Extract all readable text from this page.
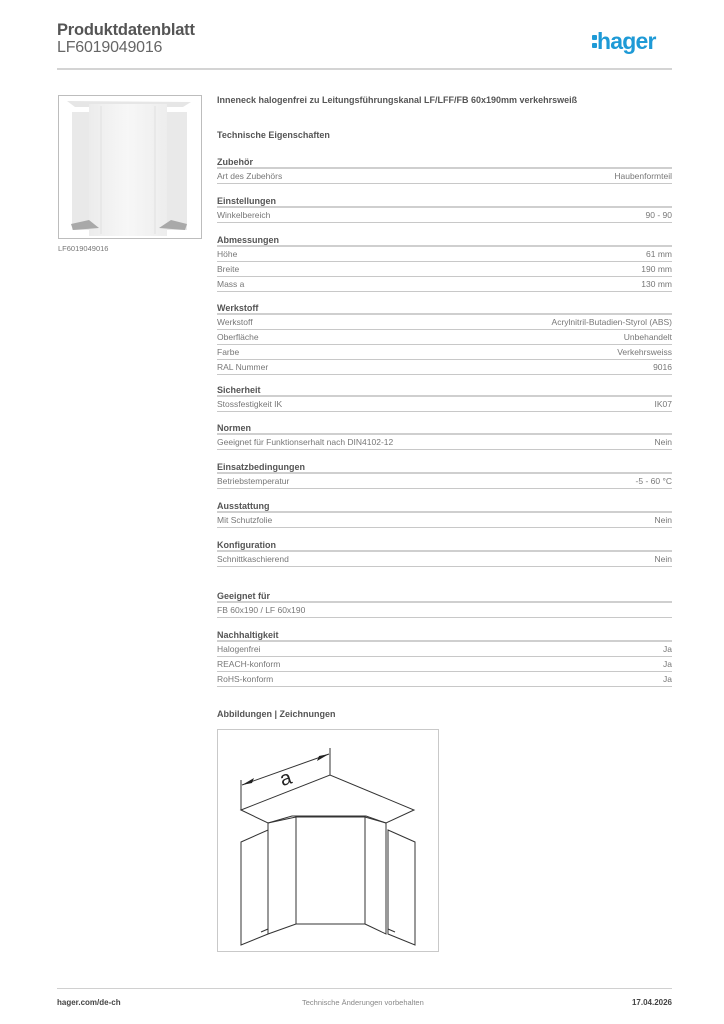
Produktdatenblatt
LF6019049016	hager
LF6019049016
Inneneck halogenfrei zu Leitungsführungskanal LF/LFF/FB 60x190mm verkehrsweiß
Technische Eigenschaften
Zubehör
Art des Zubehörs	Haubenformteil
Einstellungen
Winkelbereich	90 - 90
Abmessungen
Höhe	61 mm
Breite	190 mm
Mass a	130 mm
Werkstoff
Werkstoff	Acrylnitril-Butadien-Styrol (ABS)
Oberfläche	Unbehandelt
Farbe	Verkehrsweiss
RAL Nummer	9016
Sicherheit
Stossfestigkeit IK	IK07
Normen
Geeignet für Funktionserhalt nach DIN4102-12	Nein
Einsatzbedingungen
Betriebstemperatur	-5 - 60 °C
Ausstattung
Mit Schutzfolie	Nein
Konfiguration
Schnittkaschierend	Nein
Geeignet für
FB 60x190 / LF 60x190
Nachhaltigkeit
Halogenfrei	Ja
REACH-konform	Ja
RoHS-konform	Ja
Abbildungen | Zeichnungen
a
hager.com/de-ch	Technische Änderungen vorbehalten	17.04.2026
